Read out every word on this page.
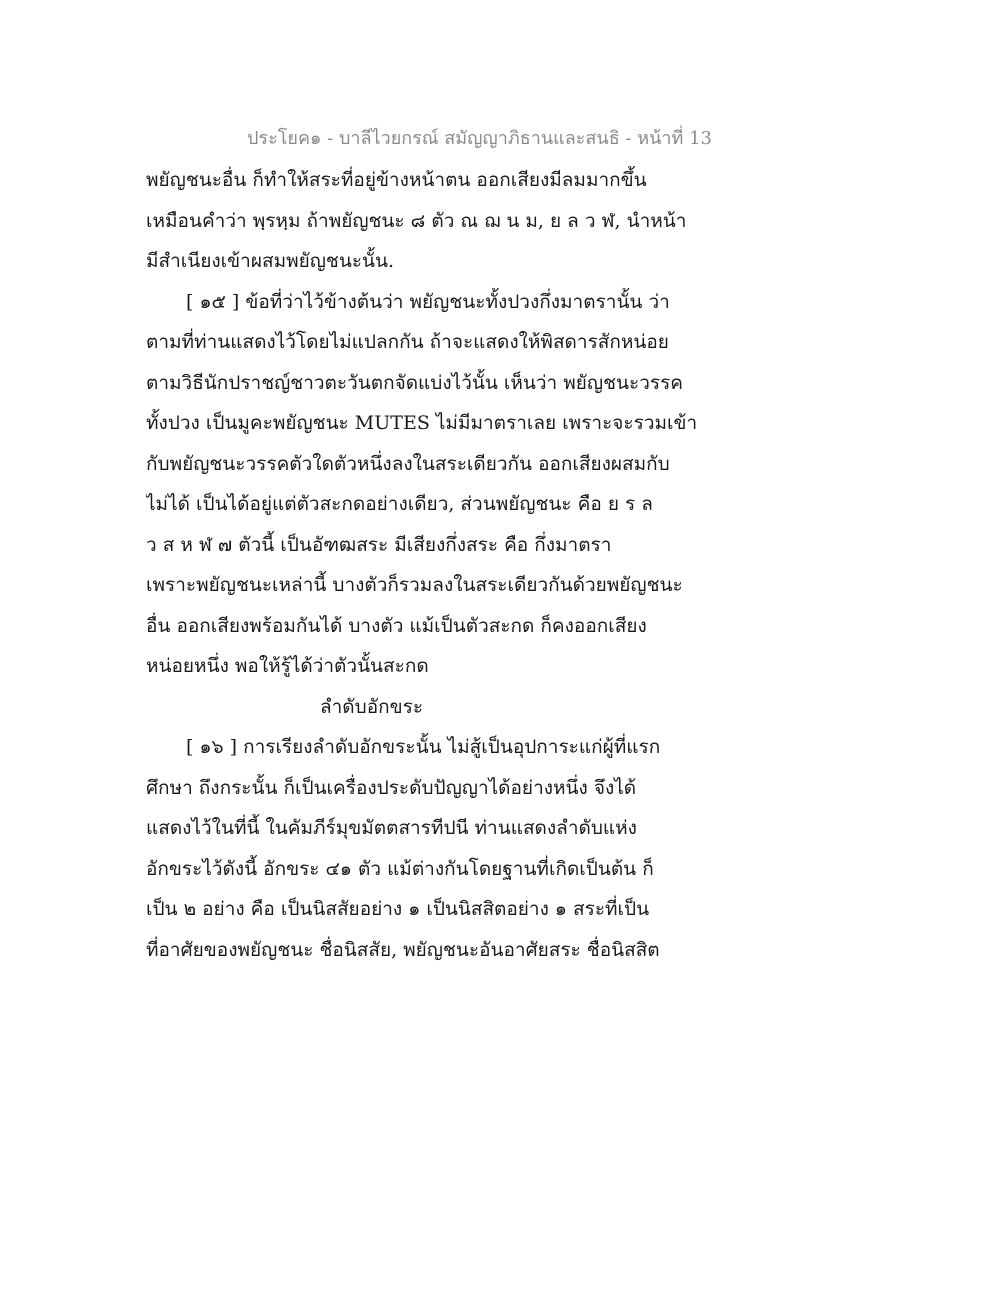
ประโยค๑ - บาลีไวยกรณ์ สมัญญาภิธานและสนธิ - หน้าที่ 13
พยัญชนะอื่น ก็ทำให้สระที่อยู่ข้างหน้าตน ออกเสียงมีลมมากขึ้น
เหมือนคำว่า พฺรหฺม ถ้าพยัญชนะ ๘ ตัว ณ ฌ น ม, ย ล ว ฬ, นำหน้า
มีสำเนียงเข้าผสมพยัญชนะนั้น.
[ ๑๕ ] ข้อที่ว่าไว้ข้างต้นว่า พยัญชนะทั้งปวงกึ่งมาตรานั้น ว่า
ตามที่ท่านแสดงไว้โดยไม่แปลกกัน ถ้าจะแสดงให้พิสดารสักหน่อย
ตามวิธีนักปราชญ์ชาวตะวันตกจัดแบ่งไว้นั้น เห็นว่า พยัญชนะวรรค
ทั้งปวง เป็นมูคะพยัญชนะ MUTES ไม่มีมาตราเลย เพราะจะรวมเข้า
กับพยัญชนะวรรคตัวใดตัวหนึ่งลงในสระเดียวกัน ออกเสียงผสมกับ
ไม่ได้ เป็นได้อยู่แต่ตัวสะกดอย่างเดียว, ส่วนพยัญชนะ คือ ย ร ล
ว ส ห ฬ ๗ ตัวนี้ เป็นอัฑฒสระ มีเสียงกึ่งสระ คือ กึ่งมาตรา
เพราะพยัญชนะเหล่านี้ บางตัวก็รวมลงในสระเดียวกันด้วยพยัญชนะ
อื่น ออกเสียงพร้อมกันได้ บางตัว แม้เป็นตัวสะกด ก็คงออกเสียง
หน่อยหนึ่ง พอให้รู้ได้ว่าตัวนั้นสะกด
ลำดับอักขระ
[ ๑๖ ] การเรียงลำดับอักขระนั้น ไม่สู้เป็นอุปการะแก่ผู้ที่แรก
ศึกษา ถึงกระนั้น ก็เป็นเครื่องประดับปัญญาได้อย่างหนึ่ง จึงได้
แสดงไว้ในที่นี้ ในคัมภีร์มุขมัตตสารทีปนี ท่านแสดงลำดับแห่ง
อักขระไว้ดังนี้ อักขระ ๔๑ ตัว แม้ต่างกันโดยฐานที่เกิดเป็นต้น ก็
เป็น ๒ อย่าง คือ เป็นนิสสัยอย่าง ๑ เป็นนิสสิตอย่าง ๑ สระที่เป็น
ที่อาศัยของพยัญชนะ ชื่อนิสสัย, พยัญชนะอันอาศัยสระ ชื่อนิสสิต
